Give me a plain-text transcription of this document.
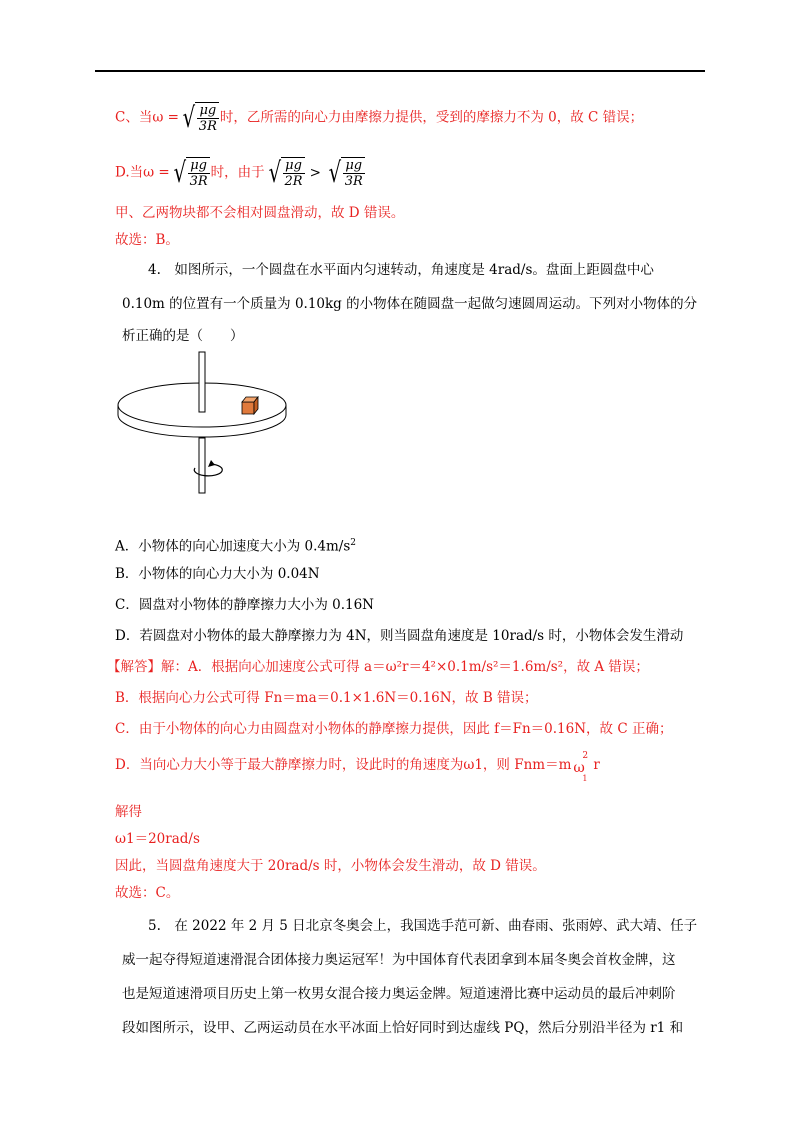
C、当ω = √ $\frac{\mu g}{3R}$ 时，乙所需的向心力由摩擦力提供，受到的摩擦力不为 0，故 C 错误；
D.当ω = √ $\frac{\mu g}{3R}$ 时，由于 √ $\frac{\mu g}{2R}$ > √ $\frac{\mu g}{3R}$
甲、乙两物块都不会相对圆盘滑动，故 D 错误。
故选：B。
4.　如图所示，一个圆盘在水平面内匀速转动，角速度是 4rad/s。盘面上距圆盘中心
0.10m 的位置有一个质量为 0.10kg 的小物体在随圆盘一起做匀速圆周运动。下列对小物体的分
析正确的是（　　）
A．小物体的向心加速度大小为 $0.4m/s^2$
B．小物体的向心力大小为 0.04N
C．圆盘对小物体的静摩擦力大小为 0.16N
D．若圆盘对小物体的最大静摩擦力为 4N，则当圆盘角速度是 10rad/s 时，小物体会发生滑动
【解答】解：A．根据向心加速度公式可得 a＝ω²r＝4²×0.1m/s²＝1.6m/s²，故 A 错误；
B．根据向心力公式可得 Fn＝ma＝0.1×1.6N＝0.16N，故 B 错误；
C．由于小物体的向心力由圆盘对小物体的静摩擦力提供，因此 f＝Fn＝0.16N，故 C 正确；
D．当向心力大小等于最大静摩擦力时，设此时的角速度为ω1，则 Fnm＝m ω
1
2
r
解得
ω1＝20rad/s
因此，当圆盘角速度大于 20rad/s 时，小物体会发生滑动，故 D 错误。
故选：C。
5.　在 2022 年 2 月 5 日北京冬奥会上，我国选手范可新、曲春雨、张雨婷、武大靖、任子
威一起夺得短道速滑混合团体接力奥运冠军！为中国体育代表团拿到本届冬奥会首枚金牌，这
也是短道速滑项目历史上第一枚男女混合接力奥运金牌。短道速滑比赛中运动员的最后冲刺阶
段如图所示，设甲、乙两运动员在水平冰面上恰好同时到达虚线 PQ，然后分别沿半径为 r1 和
